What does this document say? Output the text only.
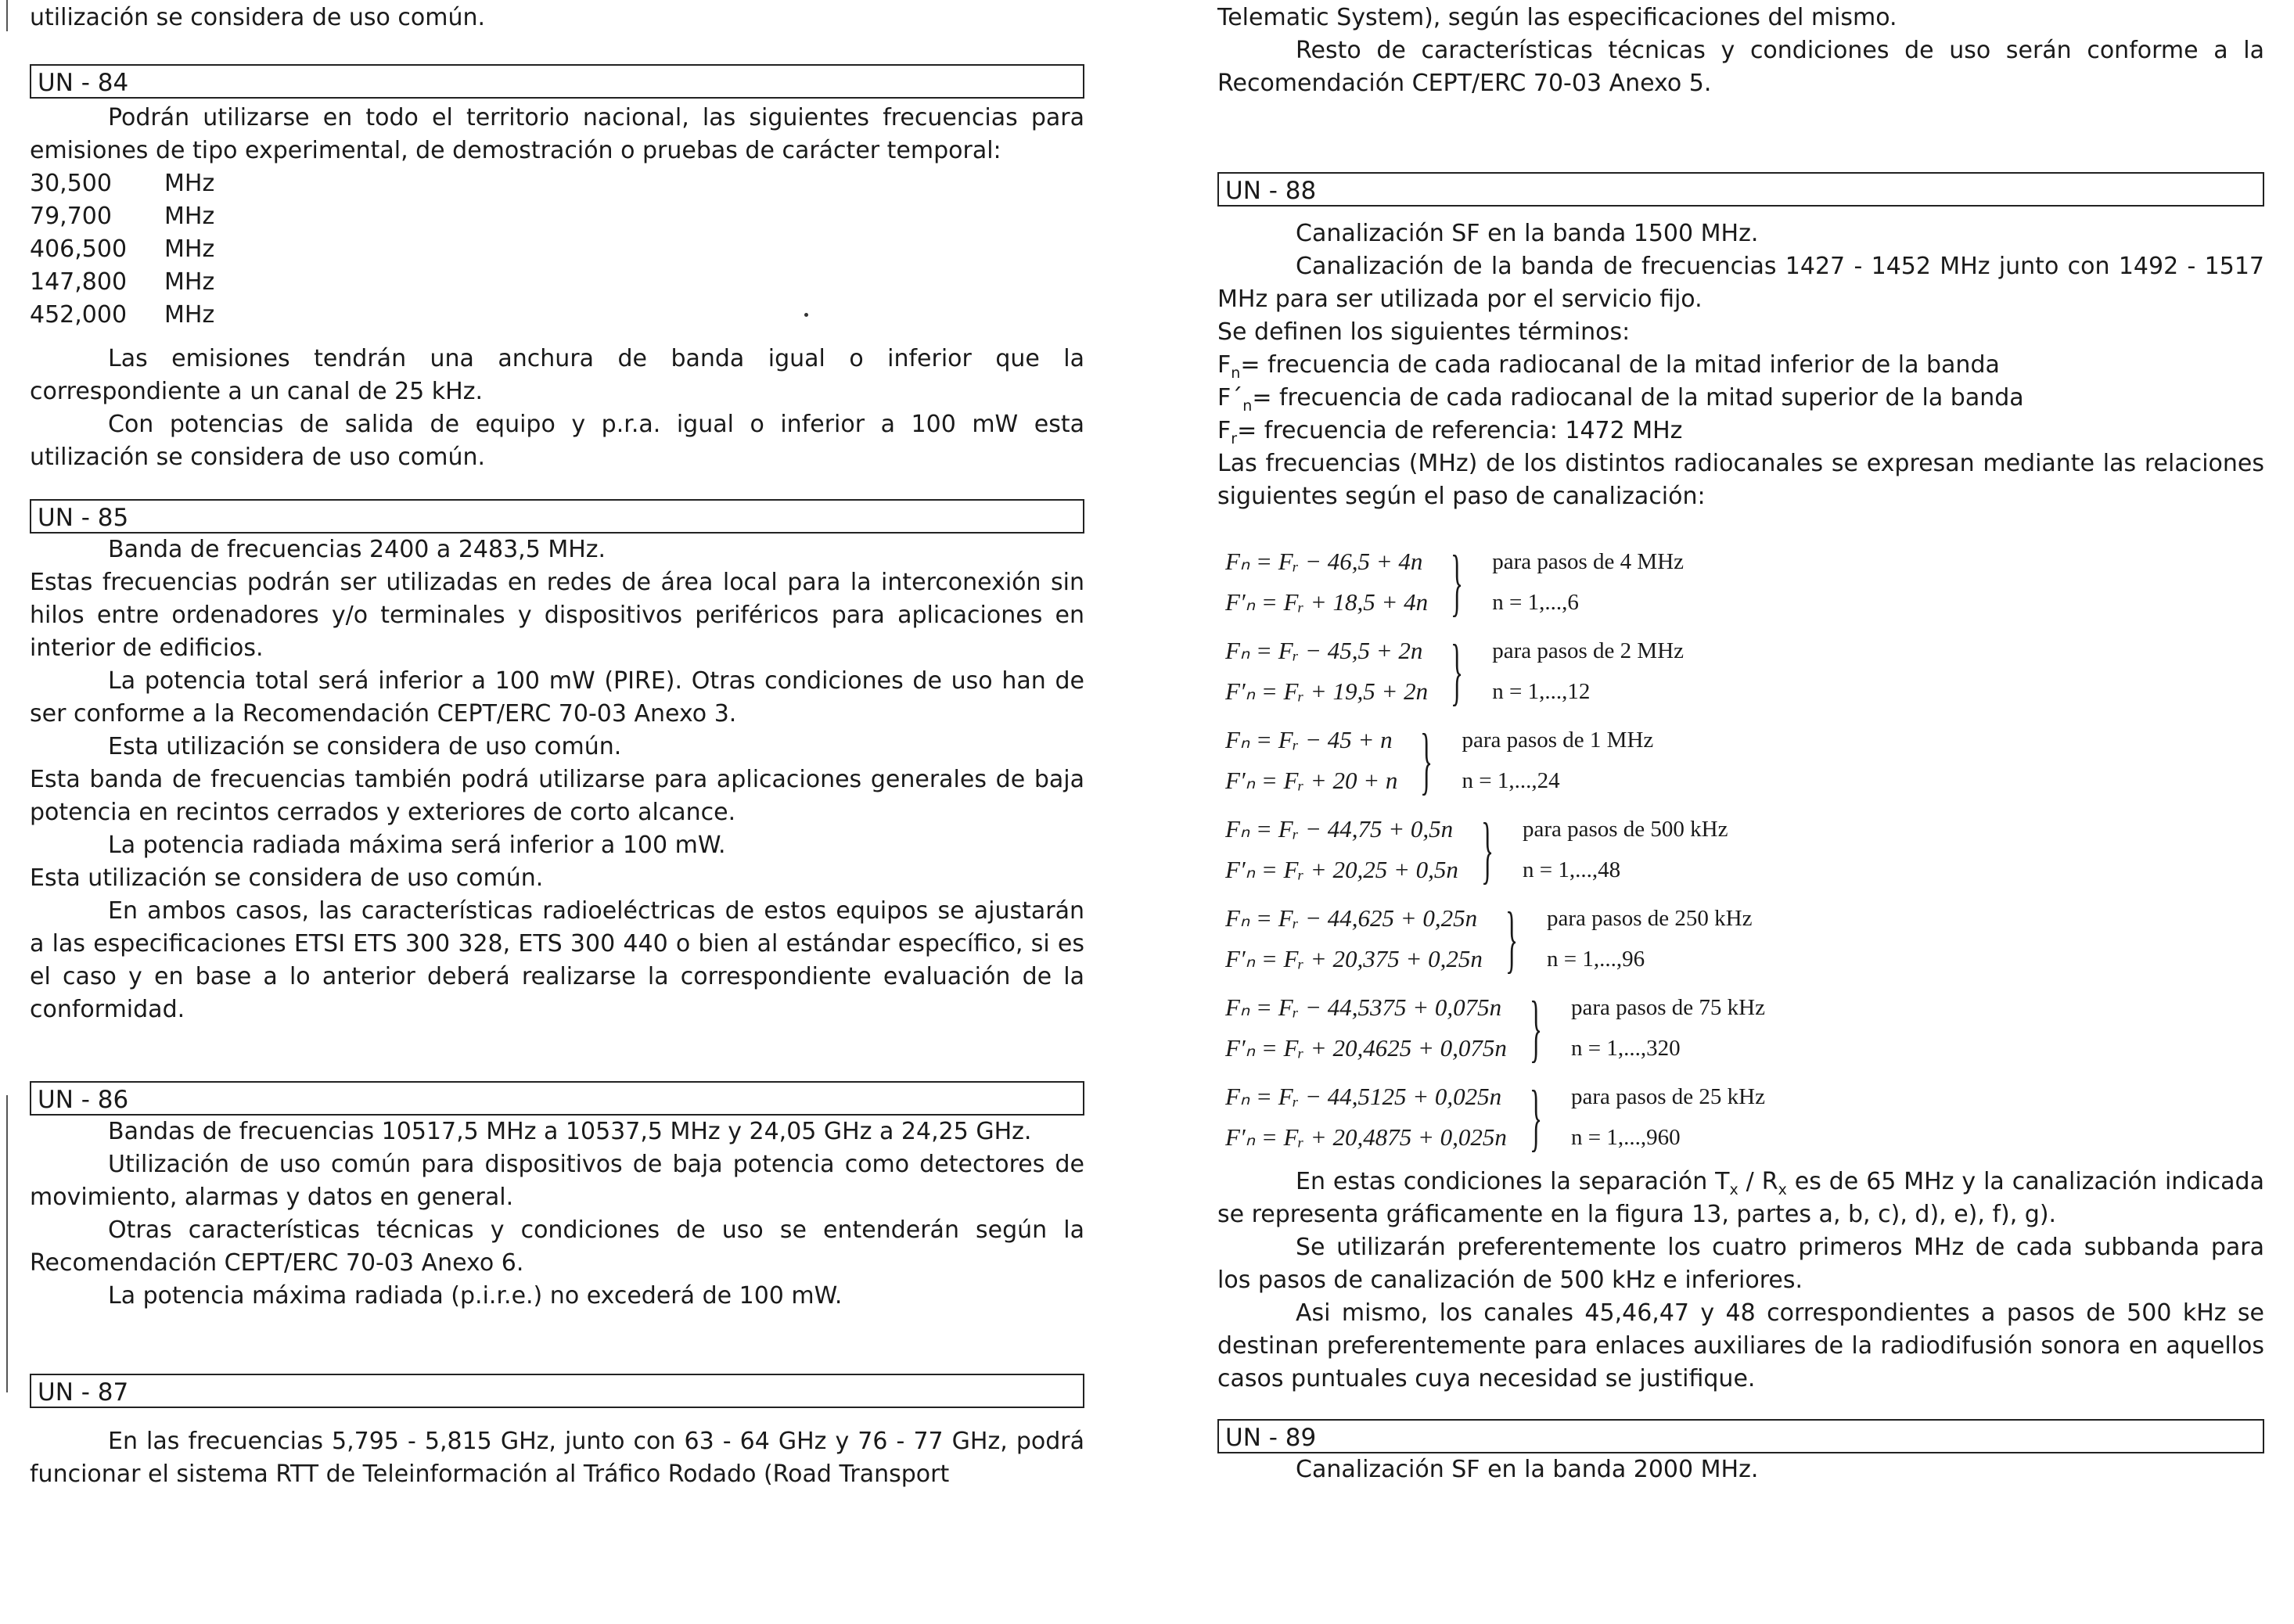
utilización se considera de uso común.

UN - 84

Podrán utilizarse en todo el territorio nacional, las siguientes frecuencias para emisiones de tipo experimental, de demostración o pruebas de carácter temporal:

30,500	MHz
79,700	MHz
406,500	MHz
147,800	MHz
452,000	MHz

Las emisiones tendrán una anchura de banda igual o inferior que la correspondiente a un canal de 25 kHz.

Con potencias de salida de equipo y p.r.a. igual o inferior a 100 mW esta utilización se considera de uso común.

UN - 85

Banda de frecuencias 2400 a 2483,5 MHz.

Estas frecuencias podrán ser utilizadas en redes de área local para la interconexión sin hilos entre ordenadores y/o terminales y dispositivos periféricos para aplicaciones en interior de edificios.

La potencia total será inferior a 100 mW (PIRE). Otras condiciones de uso han de ser conforme a la Recomendación CEPT/ERC 70-03 Anexo 3.

Esta utilización se considera de uso común.

Esta banda de frecuencias también podrá utilizarse para aplicaciones generales de baja potencia en recintos cerrados y exteriores de corto alcance.

La potencia radiada máxima será inferior a 100 mW.

Esta utilización se considera de uso común.

En ambos casos, las características radioeléctricas de estos equipos se ajustarán a las especificaciones ETSI ETS 300 328, ETS 300 440 o bien al estándar específico, si es el caso y en base a lo anterior deberá realizarse la correspondiente evaluación de la conformidad.

UN - 86

Bandas de frecuencias 10517,5 MHz a 10537,5 MHz y 24,05 GHz a 24,25 GHz.

Utilización de uso común para dispositivos de baja potencia como detectores de movimiento, alarmas y datos en general.

Otras características técnicas y condiciones de uso se entenderán según la Recomendación CEPT/ERC 70-03 Anexo 6.

La potencia máxima radiada (p.i.r.e.) no excederá de 100 mW.

UN - 87

En las frecuencias 5,795 - 5,815 GHz, junto con 63 - 64 GHz y 76 - 77 GHz, podrá funcionar el sistema RTT de Teleinformación al Tráfico Rodado (Road Transport

Telematic System), según las especificaciones del mismo.

Resto de características técnicas y condiciones de uso serán conforme a la Recomendación CEPT/ERC 70-03 Anexo 5.

UN - 88

Canalización SF en la banda 1500 MHz.

Canalización de la banda de frecuencias 1427 - 1452 MHz junto con 1492 - 1517 MHz para ser utilizada por el servicio fijo.

Se definen los siguientes términos:

$F_n=$ frecuencia de cada radiocanal de la mitad inferior de la banda

$F´_n=$ frecuencia de cada radiocanal de la mitad superior de la banda

$F_r=$ frecuencia de referencia: 1472 MHz

Las frecuencias (MHz) de los distintos radiocanales se expresan mediante las relaciones siguientes según el paso de canalización:

Fₙ = Fᵣ − 46,5 + 4n
F′ₙ = Fᵣ + 18,5 + 4n } para pasos de 4 MHz
n = 1,...,6
Fₙ = Fᵣ − 45,5 + 2n
F′ₙ = Fᵣ + 19,5 + 2n } para pasos de 2 MHz
n = 1,...,12
Fₙ = Fᵣ − 45 + n
F′ₙ = Fᵣ + 20 + n } para pasos de 1 MHz
n = 1,...,24
Fₙ = Fᵣ − 44,75 + 0,5n
F′ₙ = Fᵣ + 20,25 + 0,5n } para pasos de 500 kHz
n = 1,...,48
Fₙ = Fᵣ − 44,625 + 0,25n
F′ₙ = Fᵣ + 20,375 + 0,25n } para pasos de 250 kHz
n = 1,...,96
Fₙ = Fᵣ − 44,5375 + 0,075n
F′ₙ = Fᵣ + 20,4625 + 0,075n } para pasos de 75 kHz
n = 1,...,320
Fₙ = Fᵣ − 44,5125 + 0,025n
F′ₙ = Fᵣ + 20,4875 + 0,025n } para pasos de 25 kHz
n = 1,...,960

En estas condiciones la separación $T_x / R_x$ es de 65 MHz y la canalización indicada se representa gráficamente en la figura 13, partes a, b, c), d), e), f), g).

Se utilizarán preferentemente los cuatro primeros MHz de cada subbanda para los pasos de canalización de 500 kHz e inferiores.

Asi mismo, los canales 45,46,47 y 48 correspondientes a pasos de 500 kHz se destinan preferentemente para enlaces auxiliares de la radiodifusión sonora en aquellos casos puntuales cuya necesidad se justifique.

UN - 89

Canalización SF en la banda 2000 MHz.
